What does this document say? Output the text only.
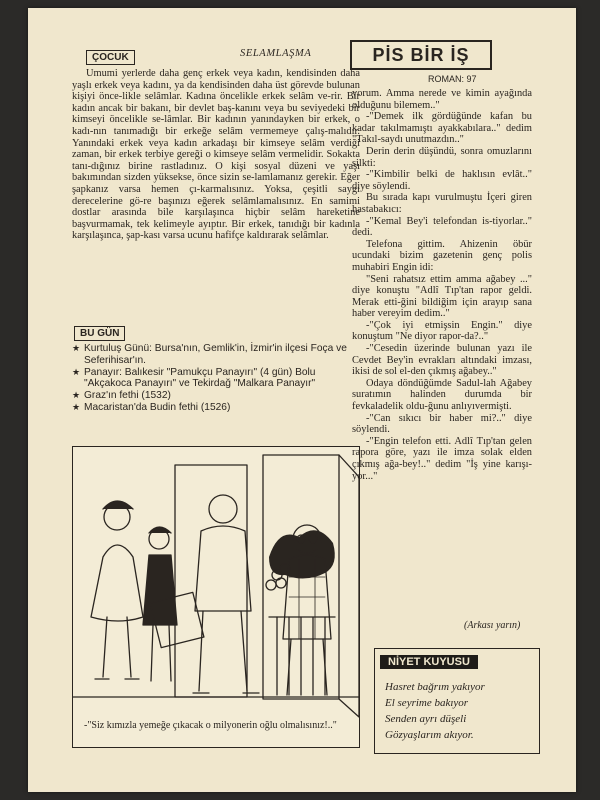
ÇOCUK	SELAMLAŞMA

Umumi yerlerde daha genç erkek veya kadın, kendisinden daha yaşlı erkek veya kadını, ya da kendisinden daha üst görevde bulunan kişiyi önce-likle selâmlar. Kadına öncelikle erkek selâm ve-rir. Bir kadın ancak bir bakanı, bir devlet baş-kanını veya bu seviyedeki bir kimseyi öncelikle se-lâmlar. Bir kadının yanındayken bir erkek, o kadı-nın tanımadığı bir erkeğe selâm vermemeye çalış-malıdır. Yanındaki erkek veya kadın arkadaşı bir kimseye selâm verdiği zaman, bir erkek terbiye gereği o kimseye selâm vermelidir. Sokakta tanı-dığınız birine rastladınız. O kişi sosyal düzeni ve yaşı bakımından sizden yüksekse, önce sizin se-lamlamanız gerekir. Eğer şapkanız varsa hemen çı-karmalısınız. Yoksa, çeşitli saygı derecelerine gö-re başınızı eğerek selâmlamalısınız. En samimi dostlar arasında bile karşılaşınca hiçbir selâm hareketine başvurmamak, tek kelimeyle ayıptır. Bir erkek, tanıdığı bir kadınla karşılaşınca, şap-kası varsa ucunu hafifçe kaldırarak selâmlar.

BU GÜN
★ Kurtuluş Günü: Bursa'nın, Gemlik'in, İzmir'in ilçesi Foça ve Seferihisar'ın.
★ Panayır: Balıkesir "Pamukçu Panayırı" (4 gün) Bolu "Akçakoca Panayırı" ve Tekirdağ "Malkara Panayır"
★ Graz'ın fethi (1532)
★ Macaristan'da Budin fethi (1526)
-"Siz kımızla yemeğe çıkacak o milyonerin oğlu olmalısınız!.."
PİS BİR İŞ
ROMAN: 97

yorum. Amma nerede ve kimin ayağında olduğunu bilemem.."

-"Demek ilk gördüğünde kafan bu kadar takılmamıştı ayakkabılara.." dedim "Takıl-saydı unutmazdın.."

Derin derin düşündü, sonra omuzlarını silkti:

-"Kimbilir belki de haklısın evlât.." diye söylendi.

Bu sırada kapı vurulmuştu İçeri giren hastabakıcı:

-"Kemal Bey'i telefondan is-tiyorlar.." dedi.

Telefona gittim. Ahizenin öbür ucundaki bizim gazetenin genç polis muhabiri Engin idi:

"Seni rahatsız ettim amma ağabey ..." diye konuştu "Adlî Tıp'tan rapor geldi. Merak etti-ğini bildiğim için arayıp sana haber vereyim dedim.."

-"Çok iyi etmişsin Engin." diye konuştum "Ne diyor rapor-da?.."

-"Cesedin üzerinde bulunan yazı ile Cevdet Bey'in evrakları altındaki imzası, ikisi de sol el-den çıkmış ağabey.."

Odaya döndüğümde Sadul-lah Ağabey suratımın halinden durumda bir fevkaladelik oldu-ğunu anlıyıvermişti.

-"Can sıkıcı bir haber mi?.." diye söylendi.

-"Engin telefon etti. Adlî Tıp'tan gelen rapora göre, yazı ile imza solak elden çıkmış ağa-bey!.." dedim "İş yine karışı-yor..."

(Arkası yarın)
NİYET KUYUSU
Hasret bağrım yakıyor
El seyrime bakıyor
Senden ayrı düşeli
Gözyaşlarım akıyor.
